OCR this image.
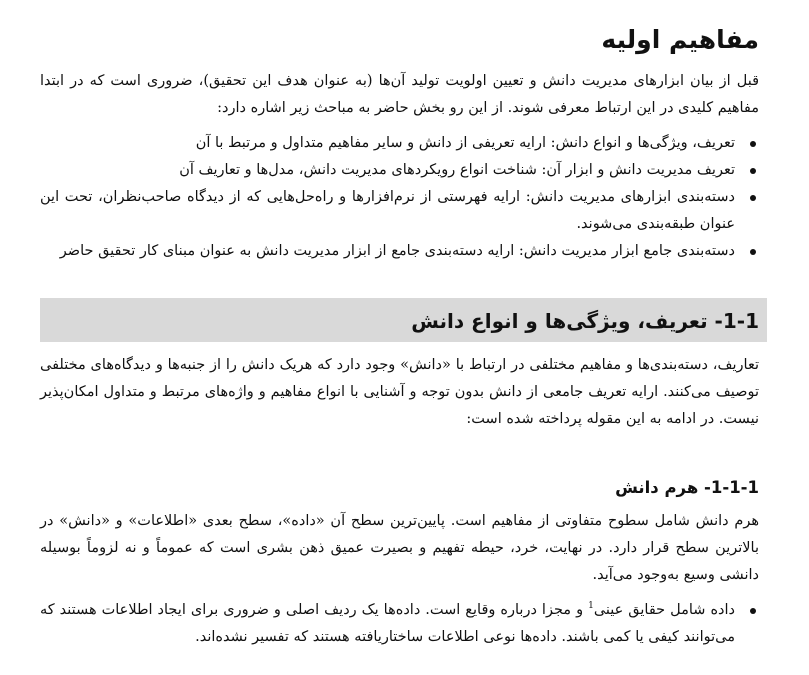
مفاهیم اولیه

قبل از بیان ابزارهای مدیریت دانش و تعیین اولویت تولید آن‌ها (به عنوان هدف این تحقیق)، ضروری است که در ابتدا مفاهیم کلیدی در این ارتباط معرفی شوند. از این رو بخش حاضر به مباحث زیر اشاره دارد:

تعریف، ویژگی‌ها و انواع دانش: ارایه تعریفی از دانش و سایر مفاهیم متداول و مرتبط با آن
تعریف مدیریت دانش و ابزار آن: شناخت انواع رویکردهای مدیریت دانش، مدل‌ها و تعاریف آن
دسته‌بندی ابزارهای مدیریت دانش: ارایه فهرستی از نرم‌افزارها و راه‌حل‌هایی که از دیدگاه صاحب‌نظران، تحت این عنوان طبقه‌بندی می‌شوند.
دسته‌بندی جامع ابزار مدیریت دانش: ارایه دسته‌بندی جامع از ابزار مدیریت دانش به عنوان مبنای کار تحقیق حاضر
1-1- تعریف، ویژگی‌ها و انواع دانش

تعاریف، دسته‌بندی‌ها و مفاهیم مختلفی در ارتباط با «دانش» وجود دارد که هریک دانش را از جنبه‌ها و دیدگاه‌های مختلفی توصیف می‌کنند. ارایه تعریف جامعی از دانش بدون توجه و آشنایی با انواع مفاهیم و واژه‌های مرتبط و متداول امکان‌پذیر نیست. در ادامه به این مقوله پرداخته شده است:

1-1-1- هرم دانش

هرم دانش شامل سطوح متفاوتی از مفاهیم است. پایین‌ترین سطح آن «داده»، سطح بعدی «اطلاعات» و «دانش» در بالاترین سطح قرار دارد. در نهایت، خرد، حیطه تفهیم و بصیرت عمیق ذهن بشری است که عموماً و نه لزوماً بوسیله دانشی وسیع به‌وجود می‌آید.

داده شامل حقایق عینی$^1$ و مجزا درباره وقایع است. داده‌ها یک ردیف اصلی و ضروری برای ایجاد اطلاعات هستند که می‌توانند کیفی یا کمی باشند. داده‌ها نوعی اطلاعات ساختاریافته هستند که تفسیر نشده‌اند.
